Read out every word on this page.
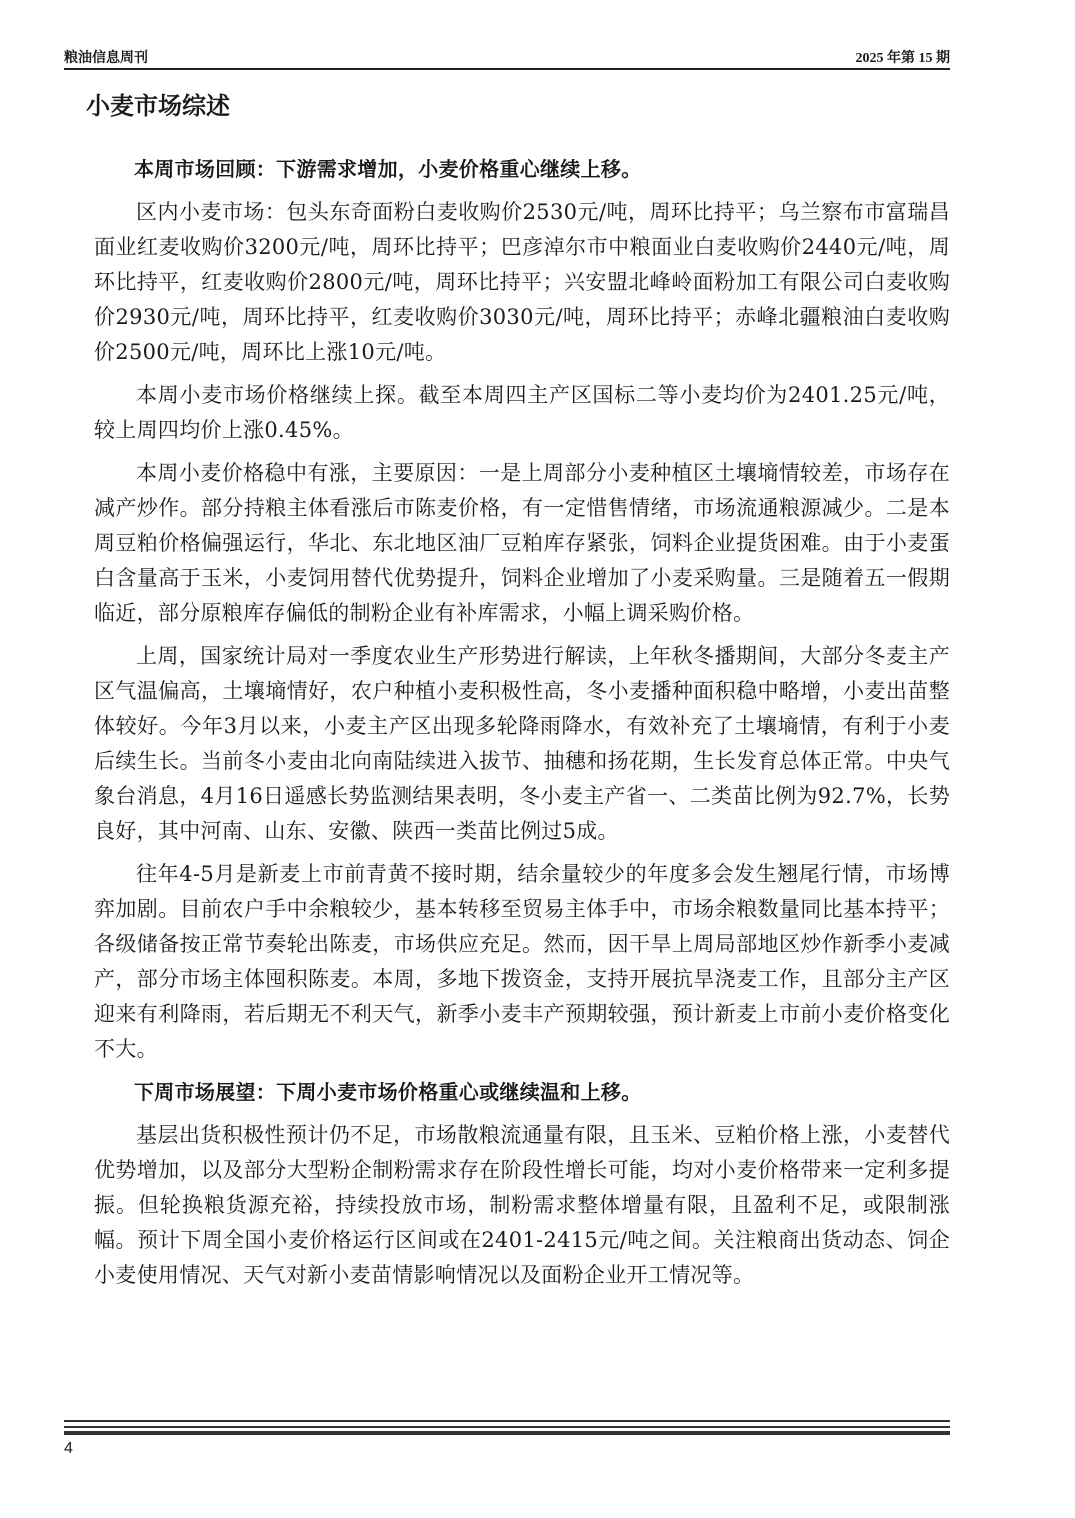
粮油信息周刊	2025 年第 15 期
小麦市场综述

本周市场回顾：下游需求增加，小麦价格重心继续上移。

区内小麦市场：包头东奇面粉白麦收购价2530元/吨，周环比持平；乌兰察布市富瑞昌面业红麦收购价3200元/吨，周环比持平；巴彦淖尔市中粮面业白麦收购价2440元/吨，周环比持平，红麦收购价2800元/吨，周环比持平；兴安盟北峰岭面粉加工有限公司白麦收购价2930元/吨，周环比持平，红麦收购价3030元/吨，周环比持平；赤峰北疆粮油白麦收购价2500元/吨，周环比上涨10元/吨。

本周小麦市场价格继续上探。截至本周四主产区国标二等小麦均价为2401.25元/吨，较上周四均价上涨0.45%。

本周小麦价格稳中有涨，主要原因：一是上周部分小麦种植区土壤墒情较差，市场存在减产炒作。部分持粮主体看涨后市陈麦价格，有一定惜售情绪，市场流通粮源减少。二是本周豆粕价格偏强运行，华北、东北地区油厂豆粕库存紧张，饲料企业提货困难。由于小麦蛋白含量高于玉米，小麦饲用替代优势提升，饲料企业增加了小麦采购量。三是随着五一假期临近，部分原粮库存偏低的制粉企业有补库需求，小幅上调采购价格。

上周，国家统计局对一季度农业生产形势进行解读，上年秋冬播期间，大部分冬麦主产区气温偏高，土壤墒情好，农户种植小麦积极性高，冬小麦播种面积稳中略增，小麦出苗整体较好。今年3月以来，小麦主产区出现多轮降雨降水，有效补充了土壤墒情，有利于小麦后续生长。当前冬小麦由北向南陆续进入拔节、抽穗和扬花期，生长发育总体正常。中央气象台消息，4月16日遥感长势监测结果表明，冬小麦主产省一、二类苗比例为92.7%，长势良好，其中河南、山东、安徽、陕西一类苗比例过5成。

往年4-5月是新麦上市前青黄不接时期，结余量较少的年度多会发生翘尾行情，市场博弈加剧。目前农户手中余粮较少，基本转移至贸易主体手中，市场余粮数量同比基本持平；各级储备按正常节奏轮出陈麦，市场供应充足。然而，因干旱上周局部地区炒作新季小麦减产，部分市场主体囤积陈麦。本周，多地下拨资金，支持开展抗旱浇麦工作，且部分主产区迎来有利降雨，若后期无不利天气，新季小麦丰产预期较强，预计新麦上市前小麦价格变化不大。

下周市场展望：下周小麦市场价格重心或继续温和上移。

基层出货积极性预计仍不足，市场散粮流通量有限，且玉米、豆粕价格上涨，小麦替代优势增加，以及部分大型粉企制粉需求存在阶段性增长可能，均对小麦价格带来一定利多提振。但轮换粮货源充裕，持续投放市场，制粉需求整体增量有限，且盈利不足，或限制涨幅。预计下周全国小麦价格运行区间或在2401-2415元/吨之间。关注粮商出货动态、饲企小麦使用情况、天气对新小麦苗情影响情况以及面粉企业开工情况等。

4
